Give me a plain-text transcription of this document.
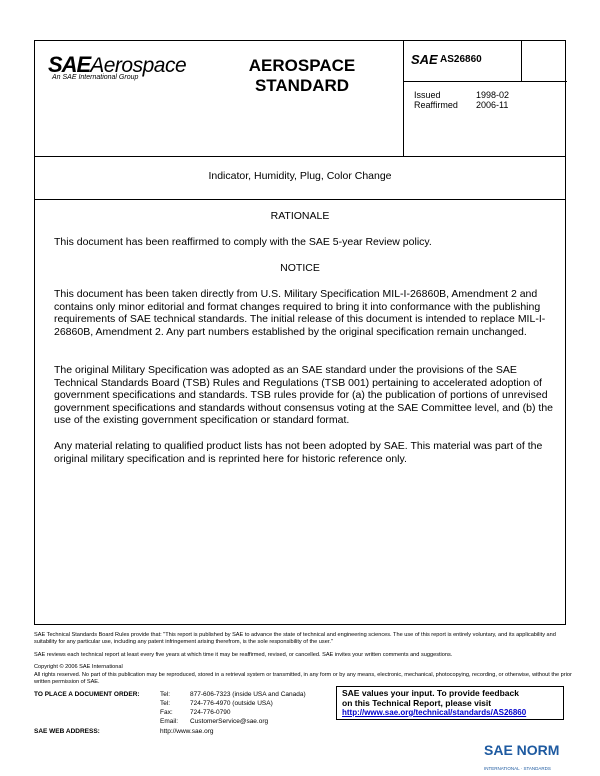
SAEAerospace
An SAE International Group
AEROSPACE
STANDARD
SAE AS26860
Issued	1998-02
Reaffirmed 2006-11
Indicator, Humidity, Plug, Color Change
RATIONALE
This document has been reaffirmed to comply with the SAE 5-year Review policy.
NOTICE
This document has been taken directly from U.S. Military Specification MIL-I-26860B, Amendment 2 and contains only minor editorial and format changes required to bring it into conformance with the publishing requirements of SAE technical standards. The initial release of this document is intended to replace MIL-I-26860B, Amendment 2. Any part numbers established by the original specification remain unchanged.
The original Military Specification was adopted as an SAE standard under the provisions of the SAE Technical Standards Board (TSB) Rules and Regulations (TSB 001) pertaining to accelerated adoption of government specifications and standards. TSB rules provide for (a) the publication of portions of unrevised government specifications and standards without consensus voting at the SAE Committee level, and (b) the use of the existing government specification or standard format.
Any material relating to qualified product lists has not been adopted by SAE. This material was part of the original military specification and is reprinted here for historic reference only.
SAE Technical Standards Board Rules provide that: "This report is published by SAE to advance the state of technical and engineering sciences. The use of this report is entirely voluntary, and its applicability and suitability for any particular use, including any patent infringement arising therefrom, is the sole responsibility of the user."
SAE reviews each technical report at least every five years at which time it may be reaffirmed, revised, or cancelled. SAE invites your written comments and suggestions.
Copyright © 2006 SAE International
All rights reserved. No part of this publication may be reproduced, stored in a retrieval system or transmitted, in any form or by any means, electronic, mechanical, photocopying, recording, or otherwise, without the prior written permission of SAE.
TO PLACE A DOCUMENT ORDER:	Tel:	877-606-7323 (inside USA and Canada)
Tel:	724-776-4970 (outside USA)
Fax:	724-776-0790
Email: CustomerService@sae.org
SAE WEB ADDRESS:	http://www.sae.org
SAE values your input. To provide feedback
on this Technical Report, please visit
http://www.sae.org/technical/standards/AS26860
SAE NORM
INTERNATIONAL · STANDARDS
